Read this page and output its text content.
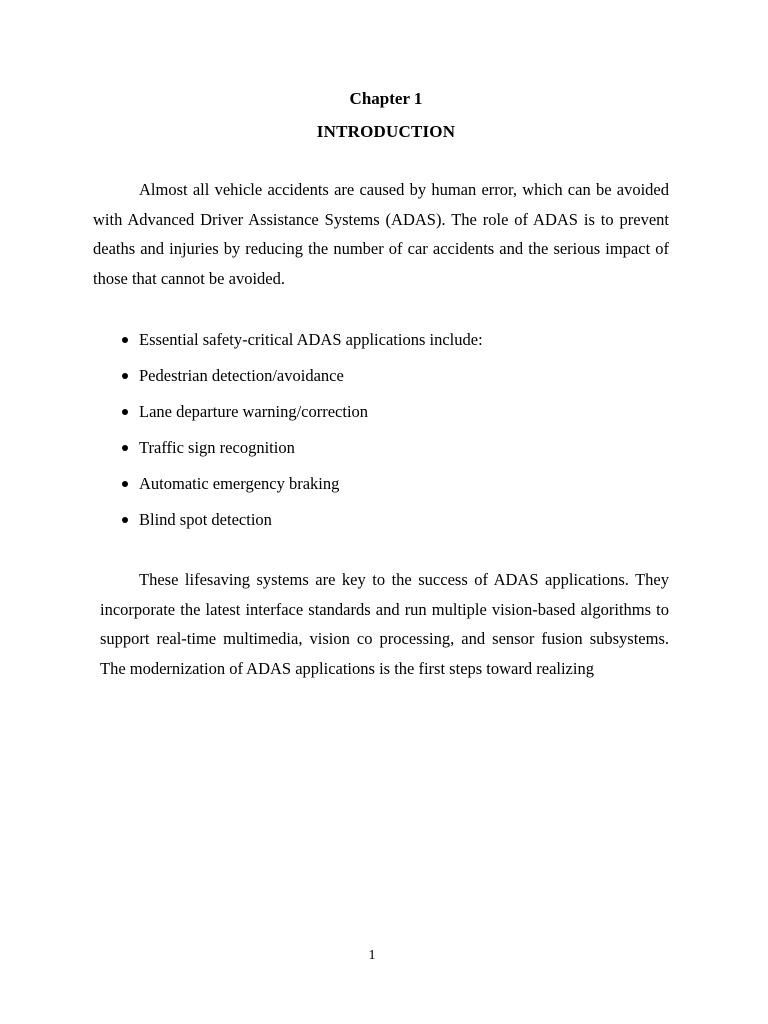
Chapter 1
INTRODUCTION

Almost all vehicle accidents are caused by human error, which can be avoided with Advanced Driver Assistance Systems (ADAS). The role of ADAS is to prevent deaths and injuries by reducing the number of car accidents and the serious impact of those that cannot be avoided.

Essential safety-critical ADAS applications include:
Pedestrian detection/avoidance
Lane departure warning/correction
Traffic sign recognition
Automatic emergency braking
Blind spot detection

These lifesaving systems are key to the success of ADAS applications. They incorporate the latest interface standards and run multiple vision-based algorithms to support real-time multimedia, vision co processing, and sensor fusion subsystems. The modernization of ADAS applications is the first steps toward realizing

1
